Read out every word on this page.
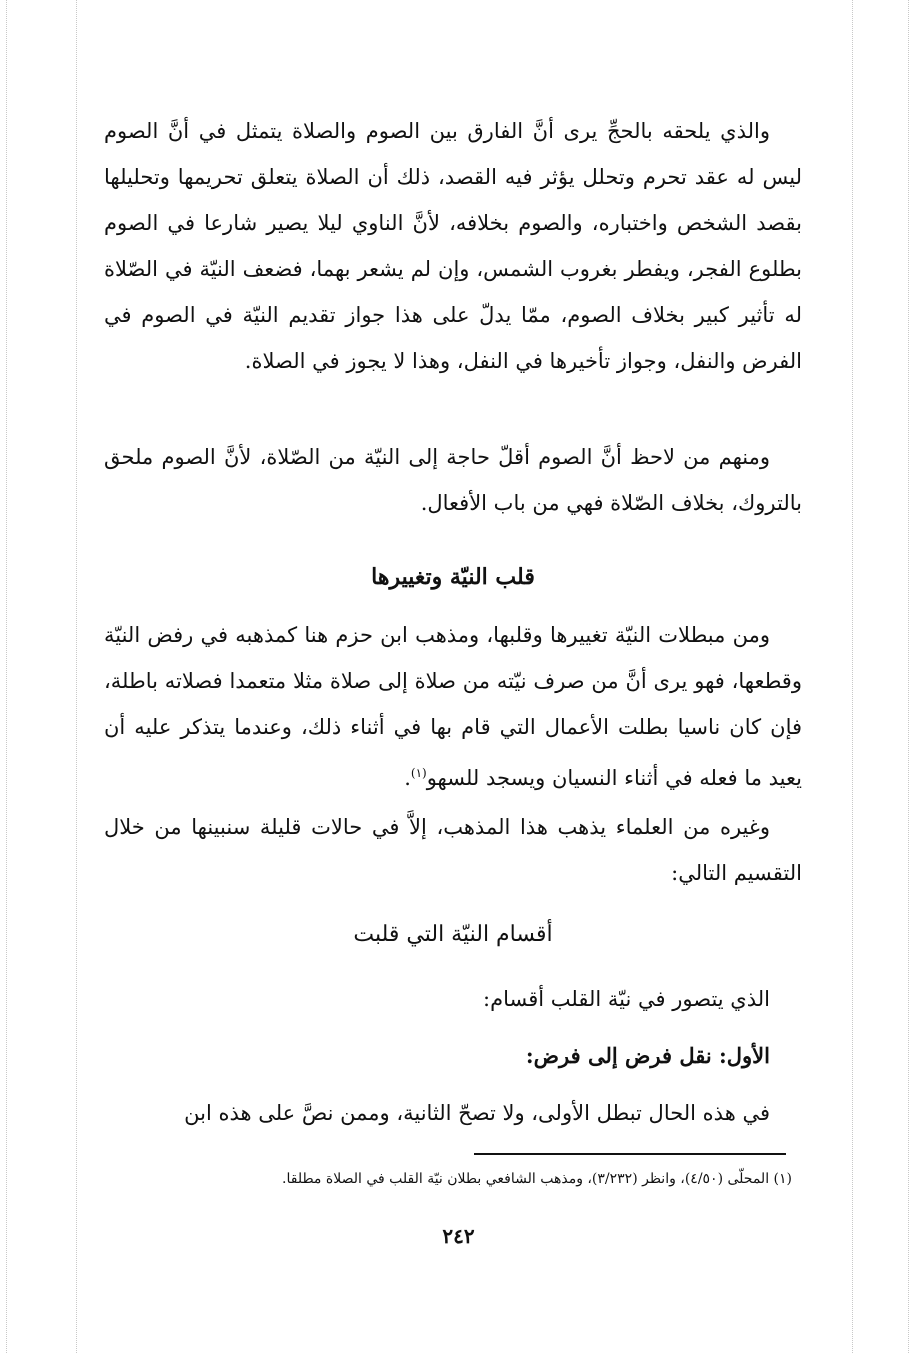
والذي يلحقه بالحجِّ يرى أنَّ الفارق بين الصوم والصلاة يتمثل في أنَّ الصوم ليس له عقد تحرم وتحلل يؤثر فيه القصد، ذلك أن الصلاة يتعلق تحريمها وتحليلها بقصد الشخص واختباره، والصوم بخلافه، لأنَّ الناوي ليلا يصير شارعا في الصوم بطلوع الفجر، ويفطر بغروب الشمس، وإن لم يشعر بهما، فضعف النيّة في الصّلاة له تأثير كبير بخلاف الصوم، ممّا يدلّ على هذا جواز تقديم النيّة في الصوم في الفرض والنفل، وجواز تأخيرها في النفل، وهذا لا يجوز في الصلاة.

ومنهم من لاحظ أنَّ الصوم أقلّ حاجة إلى النيّة من الصّلاة، لأنَّ الصوم ملحق بالتروك، بخلاف الصّلاة فهي من باب الأفعال.

قلب النيّة وتغييرها

ومن مبطلات النيّة تغييرها وقلبها، ومذهب ابن حزم هنا كمذهبه في رفض النيّة وقطعها، فهو يرى أنَّ من صرف نيّته من صلاة إلى صلاة مثلا متعمدا فصلاته باطلة، فإن كان ناسيا بطلت الأعمال التي قام بها في أثناء ذلك، وعندما يتذكر عليه أن يعيد ما فعله في أثناء النسيان ويسجد للسهو$^{(١)}$.

وغيره من العلماء يذهب هذا المذهب، إلاَّ في حالات قليلة سنبينها من خلال التقسيم التالي:

أقسام النيّة التي قلبت

الذي يتصور في نيّة القلب أقسام:

الأول: نقل فرض إلى فرض:

في هذه الحال تبطل الأولى، ولا تصحّ الثانية، وممن نصَّ على هذه ابن

(١) المحلّى (٤/٥٠)، وانظر (٣/٢٣٢)، ومذهب الشافعي بطلان نيّة القلب في الصلاة مطلقا.

٢٤٢
